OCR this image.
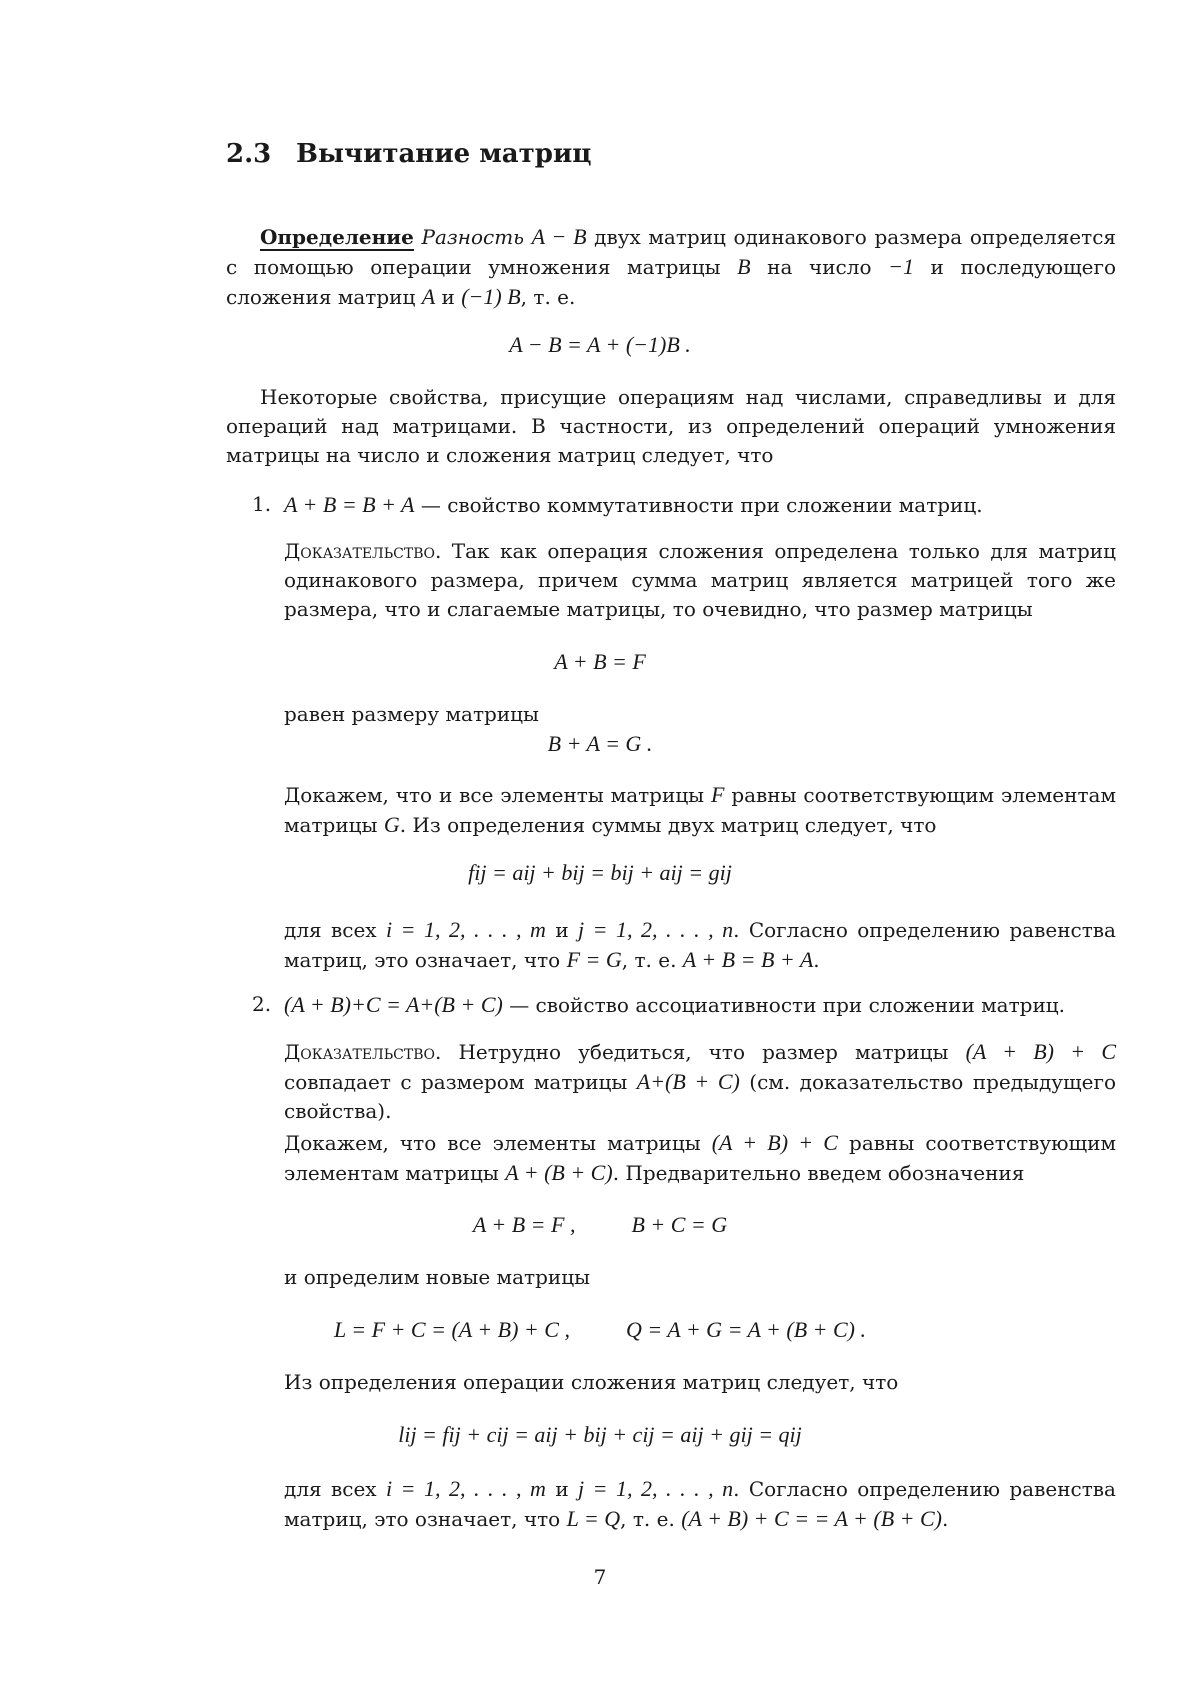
2.3 Вычитание матриц

Определение Разность A − B двух матриц одинакового размера определяется с помощью операции умножения матрицы B на число −1 и последующего сложения матриц A и (−1) B, т. е.

A − B = A + (−1)B .

Некоторые свойства, присущие операциям над числами, справедливы и для операций над матрицами. В частности, из определений операций умножения матрицы на число и сложения матриц следует, что

1. A + B = B + A — свойство коммутативности при сложении матриц.

Доказательство. Так как операция сложения определена только для матриц одинакового размера, причем сумма матриц является матрицей того же размера, что и слагаемые матрицы, то очевидно, что размер матрицы

A + B = F

равен размеру матрицы

B + A = G .

Докажем, что и все элементы матрицы F равны соответствующим элементам матрицы G. Из определения суммы двух матриц следует, что

fij = aij + bij = bij + aij = gij

для всех i = 1, 2, . . . , m и j = 1, 2, . . . , n. Согласно определению равенства матриц, это означает, что F = G, т. е. A + B = B + A.

2. (A + B)+C = A+(B + C) — свойство ассоциативности при сложении матриц.

Доказательство. Нетрудно убедиться, что размер матрицы (A + B) + C совпадает с размером матрицы A+(B + C) (см. доказательство предыдущего свойства).

Докажем, что все элементы матрицы (A + B) + C равны соответствующим элементам матрицы A + (B + C). Предварительно введем обозначения

A + B = F ,	B + C = G

и определим новые матрицы

L = F + C = (A + B) + C ,	Q = A + G = A + (B + C) .

Из определения операции сложения матриц следует, что

lij = fij + cij = aij + bij + cij = aij + gij = qij

для всех i = 1, 2, . . . , m и j = 1, 2, . . . , n. Согласно определению равенства матриц, это означает, что L = Q, т. е. (A + B) + C = = A + (B + C).

7
